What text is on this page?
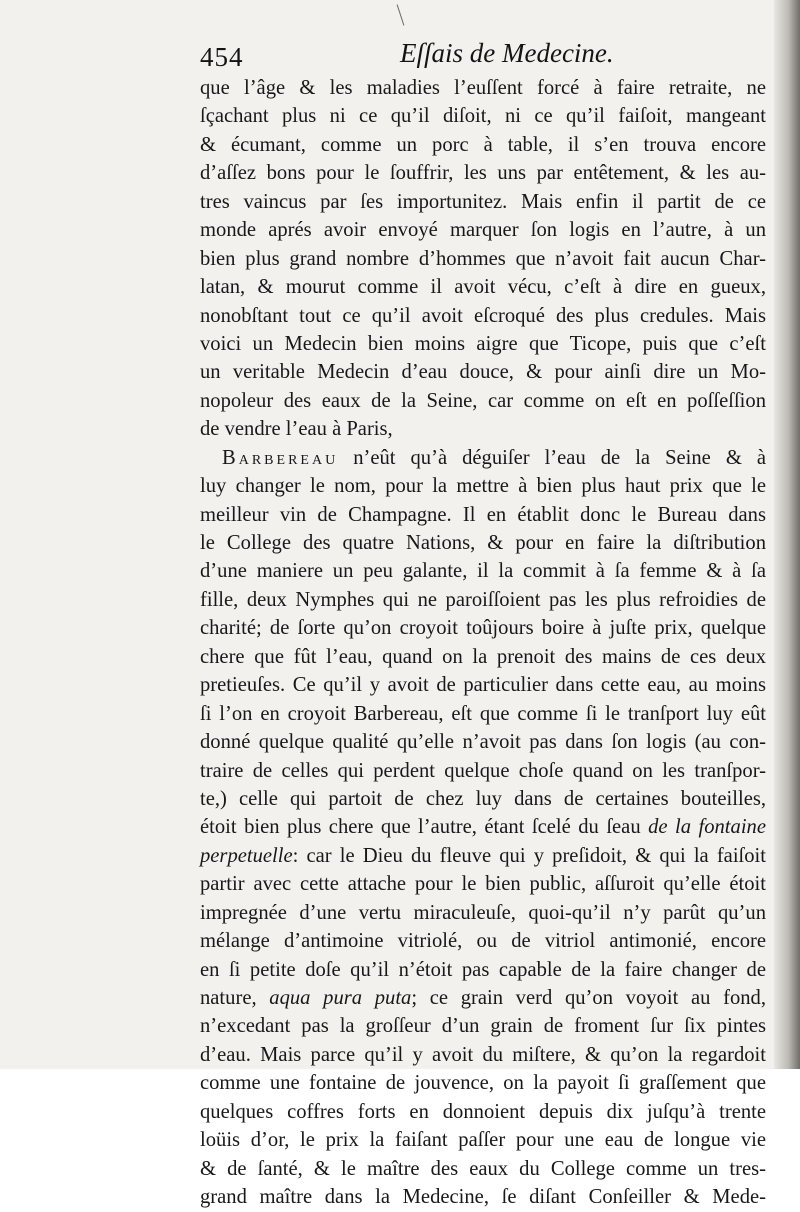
454	Eſſais de Medecine.
que l’âge & les maladies l’euſſent forcé à faire retraite, ne
ſçachant plus ni ce qu’il diſoit, ni ce qu’il faiſoit, mangeant
& écumant, comme un porc à table, il s’en trouva encore
d’aſſez bons pour le ſouffrir, les uns par entêtement, & les au-
tres vaincus par ſes importunitez. Mais enfin il partit de ce
monde aprés avoir envoyé marquer ſon logis en l’autre, à un
bien plus grand nombre d’hommes que n’avoit fait aucun Char-
latan, & mourut comme il avoit vécu, c’eſt à dire en gueux,
nonobſtant tout ce qu’il avoit eſcroqué des plus credules. Mais
voici un Medecin bien moins aigre que Ticope, puis que c’eſt
un veritable Medecin d’eau douce, & pour ainſi dire un Mo-
nopoleur des eaux de la Seine, car comme on eſt en poſſeſſion
de vendre l’eau à Paris,
Barbereau n’eût qu’à déguiſer l’eau de la Seine & à
luy changer le nom, pour la mettre à bien plus haut prix que le
meilleur vin de Champagne. Il en établit donc le Bureau dans
le College des quatre Nations, & pour en faire la diſtribution
d’une maniere un peu galante, il la commit à ſa femme & à ſa
fille, deux Nymphes qui ne paroiſſoient pas les plus refroidies de
charité; de ſorte qu’on croyoit toûjours boire à juſte prix, quelque
chere que fût l’eau, quand on la prenoit des mains de ces deux
pretieuſes. Ce qu’il y avoit de particulier dans cette eau, au moins
ſi l’on en croyoit Barbereau, eſt que comme ſi le tranſport luy eût
donné quelque qualité qu’elle n’avoit pas dans ſon logis (au con-
traire de celles qui perdent quelque choſe quand on les tranſpor-
te,) celle qui partoit de chez luy dans de certaines bouteilles,
étoit bien plus chere que l’autre, étant ſcelé du ſeau de la fontaine
perpetuelle: car le Dieu du fleuve qui y preſidoit, & qui la faiſoit
partir avec cette attache pour le bien public, aſſuroit qu’elle étoit
impregnée d’une vertu miraculeuſe, quoi-qu’il n’y parût qu’un
mélange d’antimoine vitriolé, ou de vitriol antimonié, encore
en ſi petite doſe qu’il n’étoit pas capable de la faire changer de
nature, aqua pura puta; ce grain verd qu’on voyoit au fond,
n’excedant pas la groſſeur d’un grain de froment ſur ſix pintes
d’eau. Mais parce qu’il y avoit du miſtere, & qu’on la regardoit
comme une fontaine de jouvence, on la payoit ſi graſſement que
quelques coffres forts en donnoient depuis dix juſqu’à trente
loüis d’or, le prix la faiſant paſſer pour une eau de longue vie
& de ſanté, & le maître des eaux du College comme un tres-
grand maître dans la Medecine, ſe diſant Conſeiller & Mede-
